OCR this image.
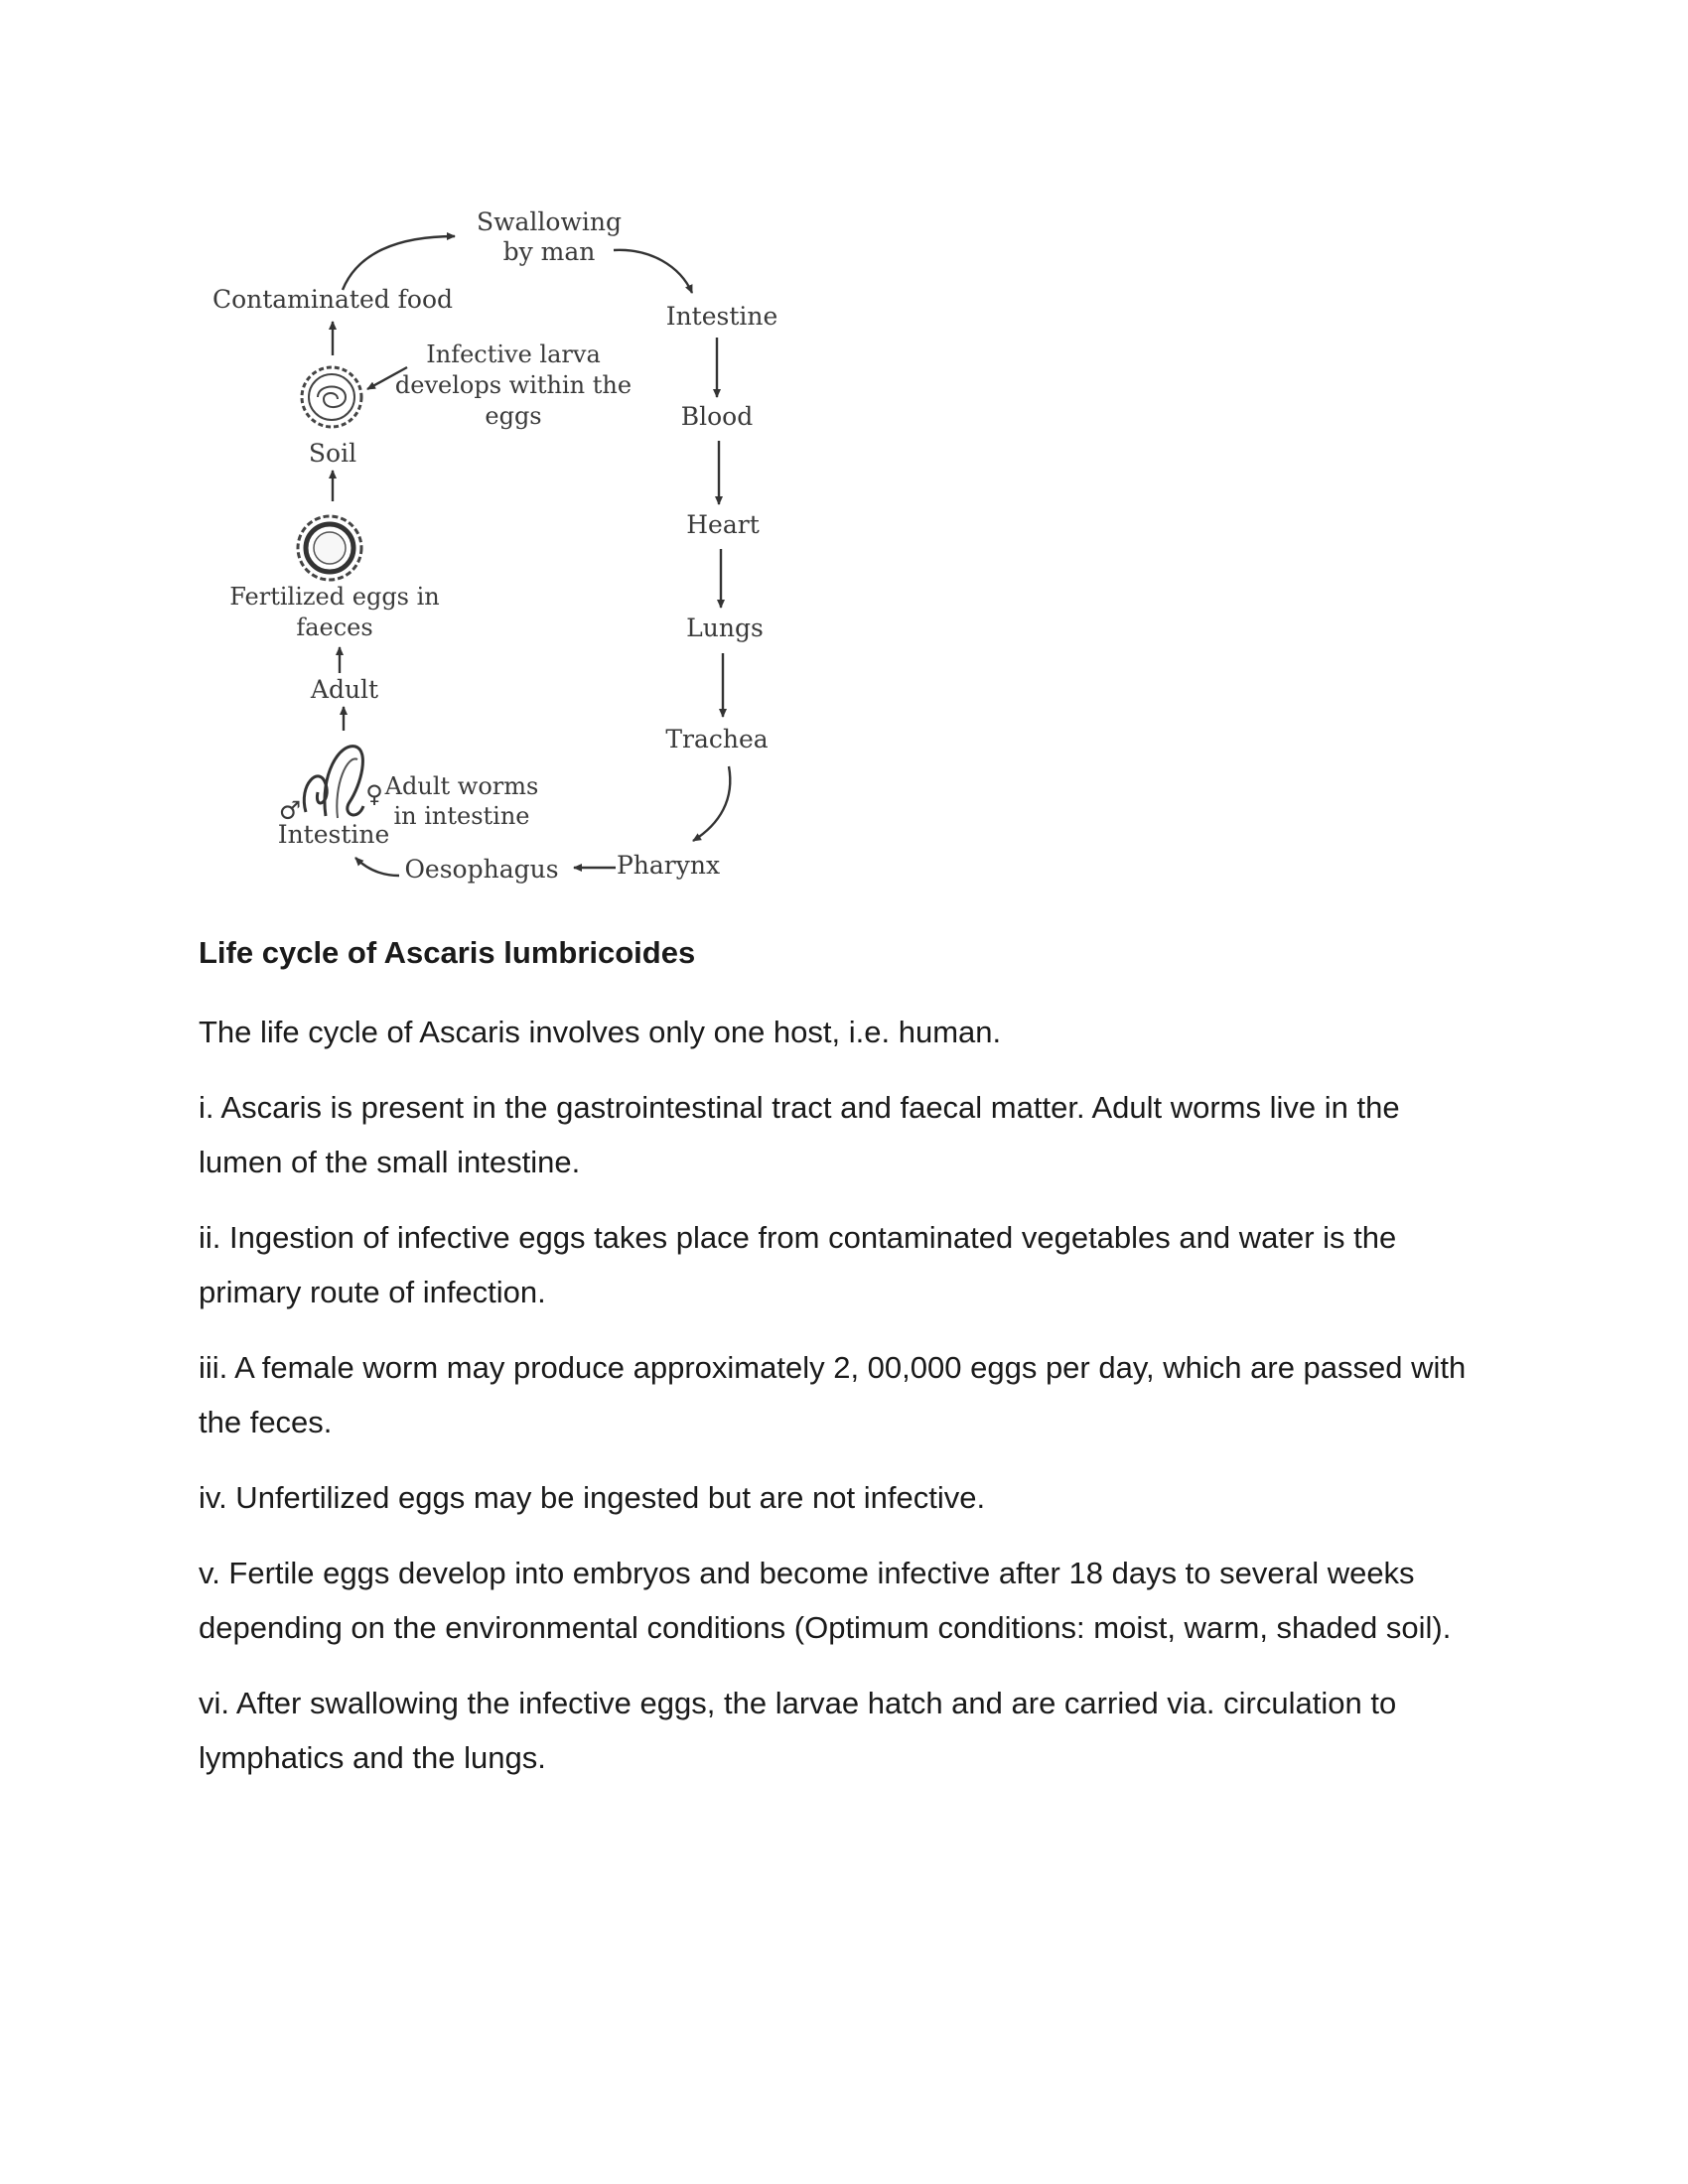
Swallowing
by man
Intestine
Blood
Heart
Lungs
Trachea
Pharynx
Oesophagus
Contaminated food
Infective larva
develops within the
eggs
Soil
Fertilized eggs in
faeces
Adult
Adult worms
in intestine
Intestine
♂
♀
Life cycle of Ascaris lumbricoides

The life cycle of Ascaris involves only one host, i.e. human.

i. Ascaris is present in the gastrointestinal tract and faecal matter. Adult worms live in the lumen of the small intestine.

ii. Ingestion of infective eggs takes place from contaminated vegetables and water is the primary route of infection.

iii. A female worm may produce approximately 2, 00,000 eggs per day, which are passed with the feces.

iv. Unfertilized eggs may be ingested but are not infective.

v. Fertile eggs develop into embryos and become infective after 18 days to several weeks depending on the environmental conditions (Optimum conditions: moist, warm, shaded soil).

vi. After swallowing the infective eggs, the larvae hatch and are carried via. circulation to lymphatics and the lungs.
